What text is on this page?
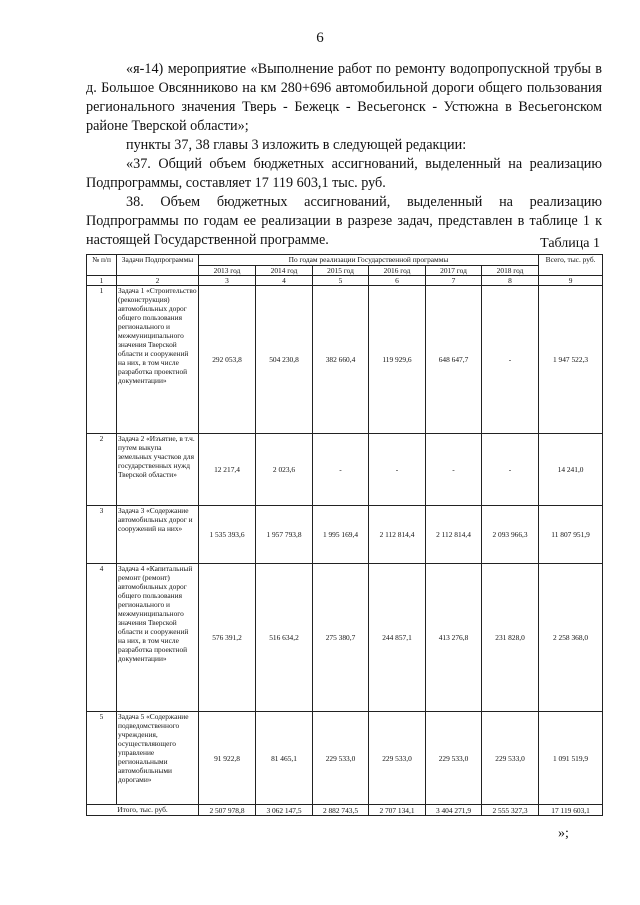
6

«я-14) мероприятие «Выполнение работ по ремонту водопропускной трубы в д. Большое Овсянниково на км 280+696 автомобильной дороги общего пользования регионального значения Тверь - Бежецк - Весьегонск - Устюжна в Весьегонском районе Тверской области»;

пункты 37, 38 главы 3 изложить в следующей редакции:

«37. Общий объем бюджетных ассигнований, выделенный на реализацию Подпрограммы, составляет 17 119 603,1 тыс. руб.

38. Объем бюджетных ассигнований, выделенный на реализацию Подпрограммы по годам ее реализации в разрезе задач, представлен в таблице 1 к настоящей Государственной программе.	Таблица 1
№ п/п	Задачи Подпрограммы	По годам реализации Государственной программы						Всего, тыс. руб.
		2013 год	2014 год	2015 год	2016 год	2017 год	2018 год	
1	2	3	4	5	6	7	8	9
1	Задача 1 «Строительство (реконструкция) автомобильных дорог общего пользования регионального и межмуниципального значения Тверской области и сооружений на них, в том числе разработка проектной документации»	292 053,8	504 230,8	382 660,4	119 929,6	648 647,7	-	1 947 522,3
2	Задача 2 «Изъятие, в т.ч. путем выкупа земельных участков для государственных нужд Тверской области»	12 217,4	2 023,6	-	-	-	-	14 241,0
3	Задача 3 «Содержание автомобильных дорог и сооружений на них»	1 535 393,6	1 957 793,8	1 995 169,4	2 112 814,4	2 112 814,4	2 093 966,3	11 807 951,9
4	Задача 4 «Капитальный ремонт (ремонт) автомобильных дорог общего пользования регионального и межмуниципального значения Тверской области и сооружений на них, в том числе разработка проектной документации»	576 391,2	516 634,2	275 380,7	244 857,1	413 276,8	231 828,0	2 258 368,0
5	Задача 5 «Содержание подведомственного учреждения, осуществляющего управление региональными автомобильными дорогами»	91 922,8	81 465,1	229 533,0	229 533,0	229 533,0	229 533,0	1 091 519,9
Итого, тыс. руб.		2 507 978,8	3 062 147,5	2 882 743,5	2 707 134,1	3 404 271,9	2 555 327,3	17 119 603,1
»;
